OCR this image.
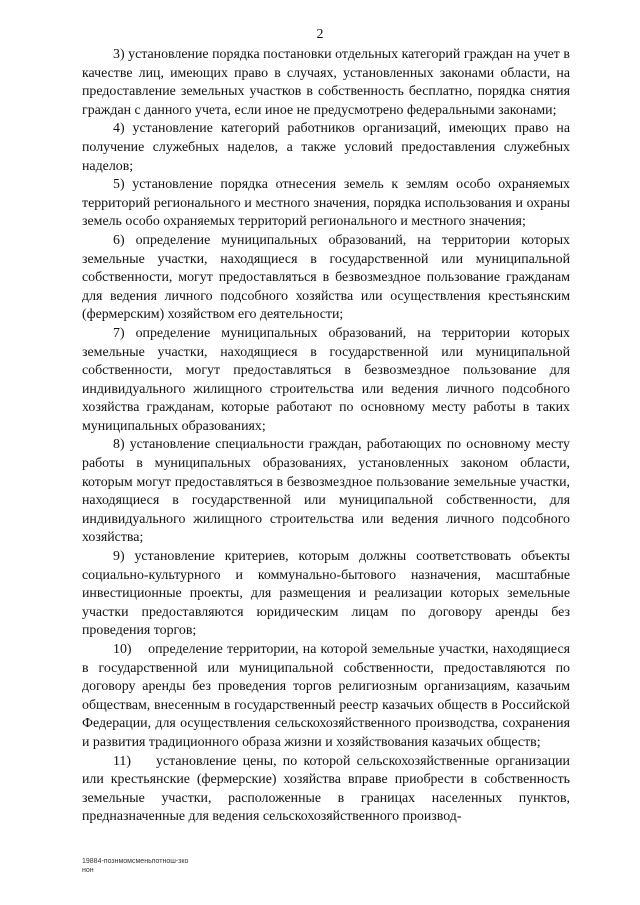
2

3) установление порядка постановки отдельных категорий граждан на учет в качестве лиц, имеющих право в случаях, установленных законами области, на предоставление земельных участков в собственность бесплатно, порядка снятия граждан с данного учета, если иное не предусмотрено федеральными законами;

4) установление категорий работников организаций, имеющих право на получение служебных наделов, а также условий предоставления служебных наделов;

5) установление порядка отнесения земель к землям особо охраняемых территорий регионального и местного значения, порядка использования и охраны земель особо охраняемых территорий регионального и местного значения;

6) определение муниципальных образований, на территории которых земельные участки, находящиеся в государственной или муниципальной собственности, могут предоставляться в безвозмездное пользование гражданам для ведения личного подсобного хозяйства или осуществления крестьянским (фермерским) хозяйством его деятельности;

7) определение муниципальных образований, на территории которых земельные участки, находящиеся в государственной или муниципальной собственности, могут предоставляться в безвозмездное пользование для индивидуального жилищного строительства или ведения личного подсобного хозяйства гражданам, которые работают по основному месту работы в таких муниципальных образованиях;

8) установление специальности граждан, работающих по основному месту работы в муниципальных образованиях, установленных законом области, которым могут предоставляться в безвозмездное пользование земельные участки, находящиеся в государственной или муниципальной собственности, для индивидуального жилищного строительства или ведения личного подсобного хозяйства;

9) установление критериев, которым должны соответствовать объекты социально-культурного и коммунально-бытового назначения, масштабные инвестиционные проекты, для размещения и реализации которых земельные участки предоставляются юридическим лицам по договору аренды без проведения торгов;

10)    определение территории, на которой земельные участки, находящиеся в государственной или муниципальной собственности, предоставляются по договору аренды без проведения торгов религиозным организациям, казачьим обществам, внесенным в государственный реестр казачьих обществ в Российской Федерации, для осуществления сельскохозяйственного производства, сохранения и развития традиционного образа жизни и хозяйствования казачьих обществ;

11)    установление цены, по которой сельскохозяйственные организации или крестьянские (фермерские) хозяйства вправе приобрести в собственность земельные участки, расположенные в границах населенных пунктов, предназначенные для ведения сельскохозяйственного производ-

19884-познмомсменьпотнош-зко
нон
